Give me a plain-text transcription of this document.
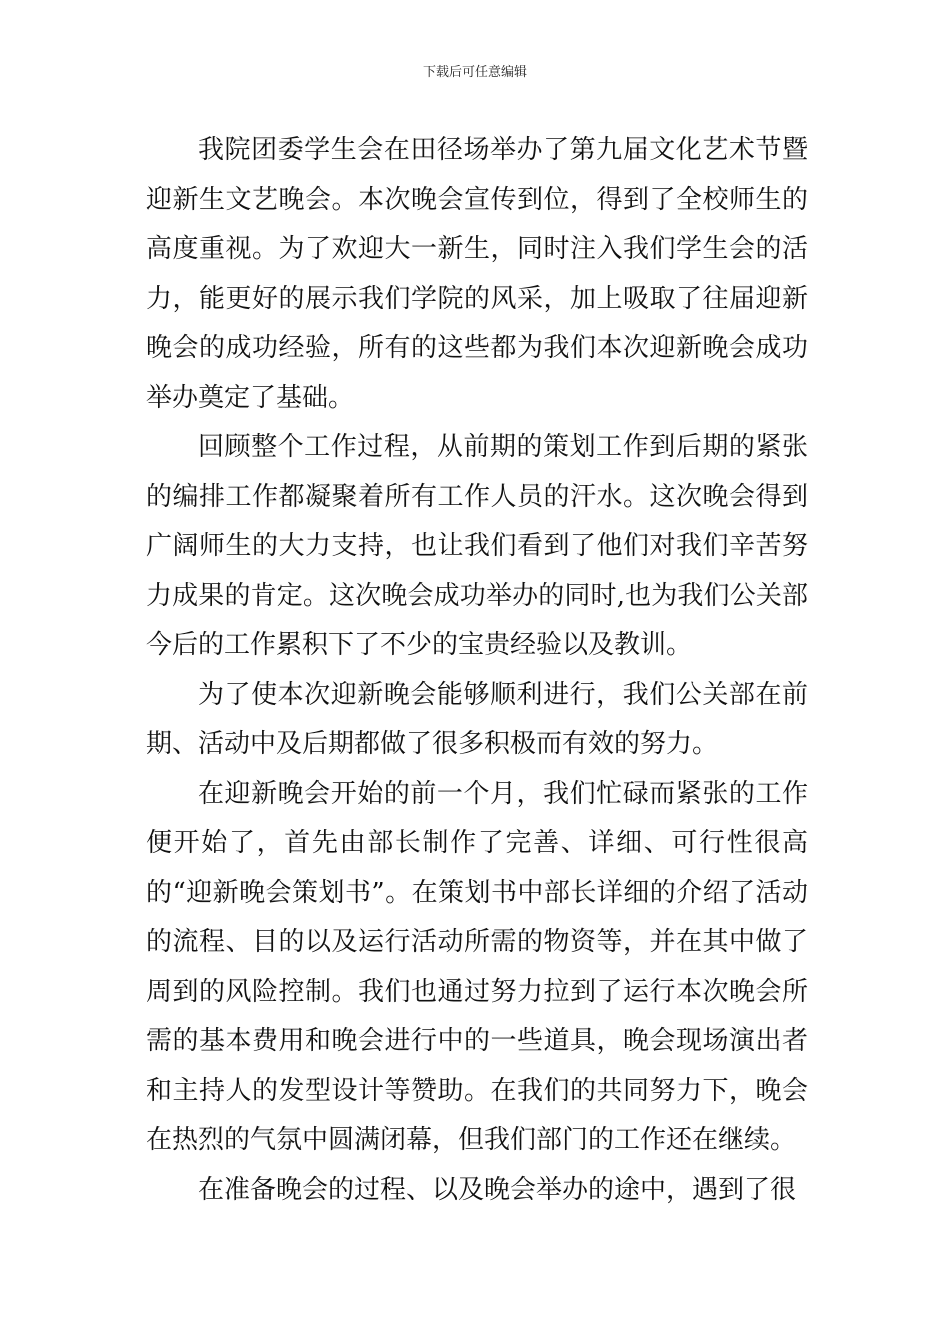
下载后可任意编辑

我院团委学生会在田径场举办了第九届文化艺术节暨迎新生文艺晚会。本次晚会宣传到位，得到了全校师生的高度重视。为了欢迎大一新生，同时注入我们学生会的活力，能更好的展示我们学院的风采，加上吸取了往届迎新晚会的成功经验，所有的这些都为我们本次迎新晚会成功举办奠定了基础。

回顾整个工作过程，从前期的策划工作到后期的紧张的编排工作都凝聚着所有工作人员的汗水。这次晚会得到广阔师生的大力支持，也让我们看到了他们对我们辛苦努力成果的肯定。这次晚会成功举办的同时,也为我们公关部今后的工作累积下了不少的宝贵经验以及教训。

为了使本次迎新晚会能够顺利进行，我们公关部在前期、活动中及后期都做了很多积极而有效的努力。

在迎新晚会开始的前一个月，我们忙碌而紧张的工作便开始了，首先由部长制作了完善、详细、可行性很高的“迎新晚会策划书”。在策划书中部长详细的介绍了活动的流程、目的以及运行活动所需的物资等，并在其中做了周到的风险控制。我们也通过努力拉到了运行本次晚会所需的基本费用和晚会进行中的一些道具，晚会现场演出者和主持人的发型设计等赞助。在我们的共同努力下，晚会在热烈的气氛中圆满闭幕，但我们部门的工作还在继续。

在准备晚会的过程、以及晚会举办的途中，遇到了很
